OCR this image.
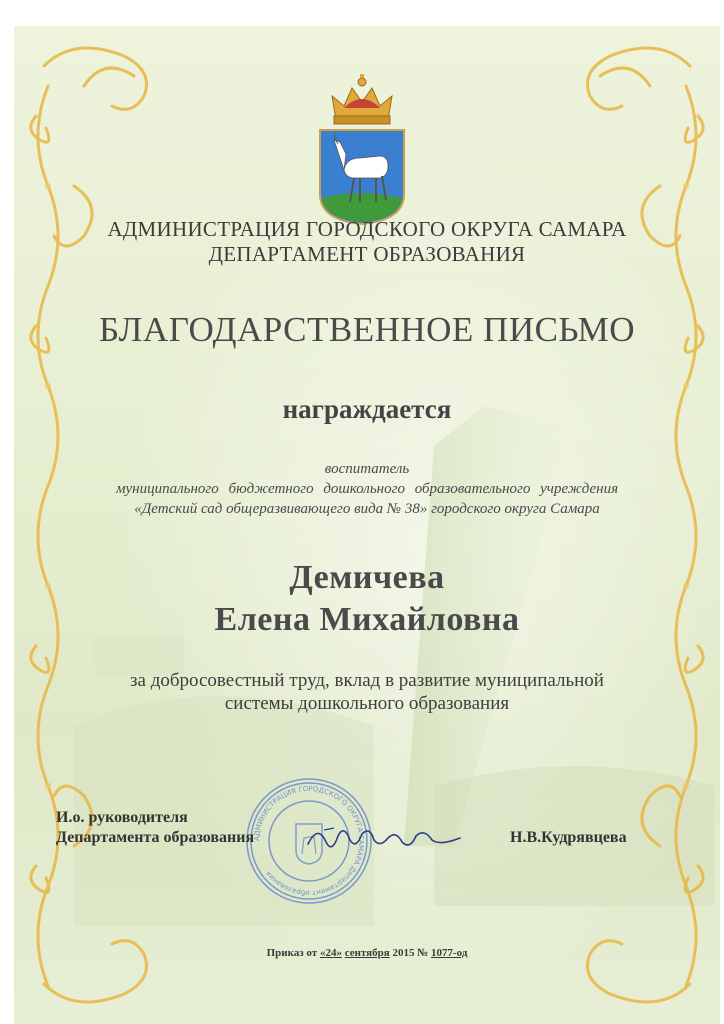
АДМИНИСТРАЦИЯ ГОРОДСКОГО ОКРУГА САМАРА
ДЕПАРТАМЕНТ ОБРАЗОВАНИЯ
БЛАГОДАРСТВЕННОЕ ПИСЬМО
награждается
воспитатель
муниципального бюджетного дошкольного образовательного учреждения
«Детский сад общеразвивающего вида № 38» городского округа Самара
Демичева
Елена Михайловна
за добросовестный труд, вклад в развитие муниципальной
системы дошкольного образования
АДМИНИСТРАЦИЯ ГОРОДСКОГО ОКРУГА САМАРА Департамент образования
И.о. руководителя
Департамента образования	Н.В.Кудрявцева
Приказ от «24» сентября 2015 № 1077-од
